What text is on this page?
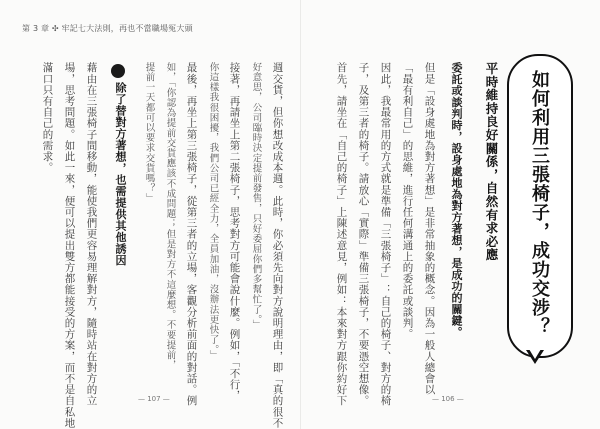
第 3 章 ✣ 牢記七大法則，再也不當職場冤大頭
如何利用三張椅子，成功交涉？
平時維持良好關係，自然有求必應
委託或談判時，設身處地為對方著想，是成功的關鍵。
但是「設身處地為對方著想」是非常抽象的概念。因為一般人總會以
「最有利自己」的思維，進行任何溝通上的委託或談判。
因此，我最常用的方式就是準備「三張椅子」：自己的椅子、對方的椅
子，及第三者的椅子。請放心「實際」準備三張椅子，不要憑空想像。
首先，請坐在「自己的椅子」上陳述意見，例如：本來對方跟你約好下	— 106 —
週交貨，但你想改成本週。此時，你必須先向對方說明理由，即「真的很不
好意思，公司臨時決定提前發售，只好委屈你們多幫忙了。」
接著，再請坐上第二張椅子，思考對方可能會說什麼。例如，「不行，
你這樣我很困擾，我們公司已經全力，全員加油，沒辦法更快了。」
最後，再坐上第三張椅子，從第三者的立場，客觀分析前面的對話。例
如，「你認為提前交貨應該不成問題；但是對方不這麼想。不要提前，
提前一天都可以要求交貨嗎？」
除了替對方著想，也需提供其他誘因
藉由在三張椅子間移動，能使我們更容易理解對方，隨時站在對方的立
場，思考問題。如此一來，便可以提出雙方都能接受的方案，而不是自私地
滿口只有自己的需求。
— 107 —
